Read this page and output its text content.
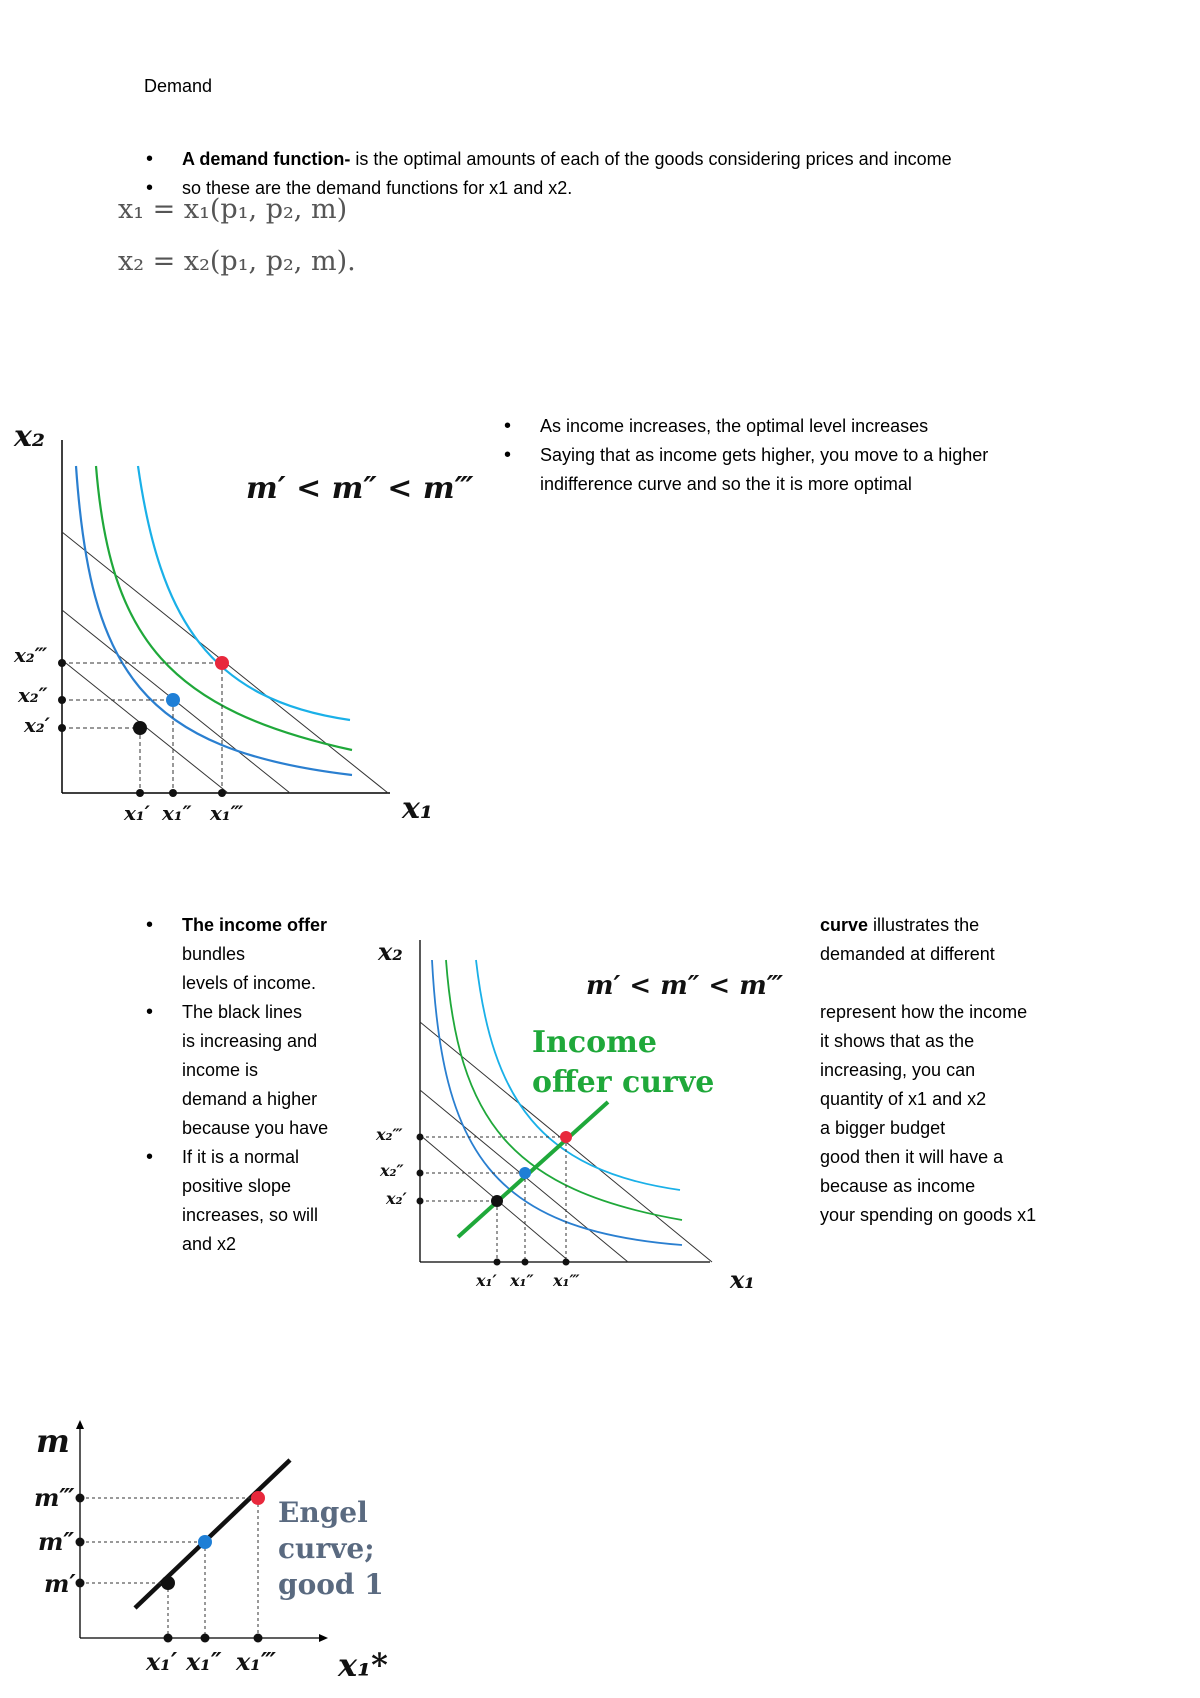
Demand
• A demand function- is the optimal amounts of each of the goods considering prices and income
• so these are the demand functions for x1 and x2.
x₁ = x₁(p₁, p₂, m)
x₂ = x₂(p₁, p₂, m).
• As income increases, the optimal level increases
• Saying that as income gets higher, you move to a higher
indifference curve and so the it is more optimal
x₂
x₁
m′ < m″ < m‴
x₂‴
x₂″
x₂′
x₁′ x₁″ x₁‴
• The income offer
bundles
levels of income.
• The black lines
is increasing and
income is
demand a higher
because you have
• If it is a normal
positive slope
increases, so will
and x2
curve illustrates the
demanded at different
represent how the income
it shows that as the
increasing, you can
quantity of x1 and x2
a bigger budget
good then it will have a
because as income
your spending on goods x1
x₂
x₁
m′ < m″ < m‴
Income
offer curve
x₂‴
x₂″
x₂′
x₁′ x₁″ x₁‴
m
x₁*
m‴
m″
m′
x₁′ x₁″ x₁‴
Engel
curve;
good 1
